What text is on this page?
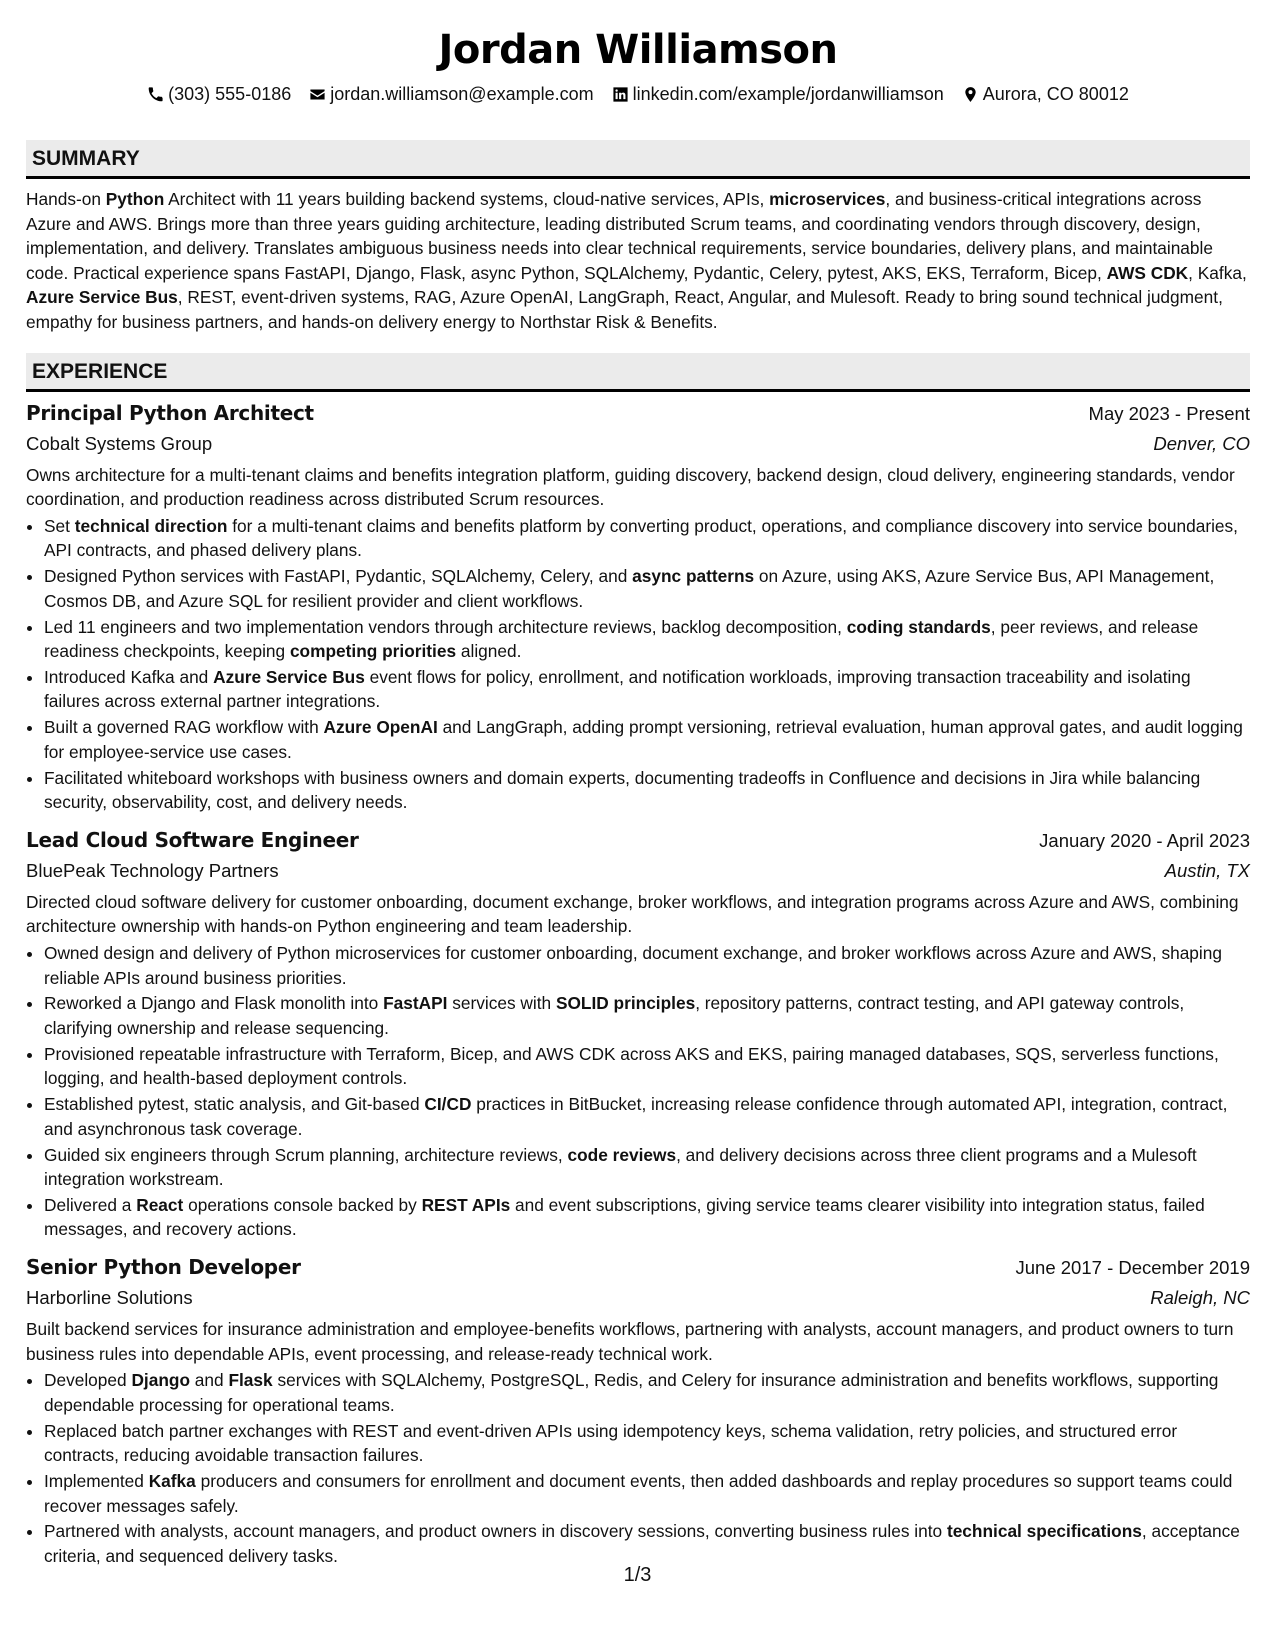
Jordan Williamson
(303) 555-0186 jordan.williamson@example.com linkedin.com/example/jordanwilliamson Aurora, CO 80012
SUMMARY

Hands-on Python Architect with 11 years building backend systems, cloud-native services, APIs, microservices, and business-critical integrations across Azure and AWS. Brings more than three years guiding architecture, leading distributed Scrum teams, and coordinating vendors through discovery, design, implementation, and delivery. Translates ambiguous business needs into clear technical requirements, service boundaries, delivery plans, and maintainable code. Practical experience spans FastAPI, Django, Flask, async Python, SQLAlchemy, Pydantic, Celery, pytest, AKS, EKS, Terraform, Bicep, AWS CDK, Kafka, Azure Service Bus, REST, event-driven systems, RAG, Azure OpenAI, LangGraph, React, Angular, and Mulesoft. Ready to bring sound technical judgment, empathy for business partners, and hands-on delivery energy to Northstar Risk & Benefits.

EXPERIENCE
Principal Python Architect	May 2023 - Present
Cobalt Systems Group	Denver, CO
Owns architecture for a multi-tenant claims and benefits integration platform, guiding discovery, backend design, cloud delivery, engineering standards, vendor coordination, and production readiness across distributed Scrum resources.
• Set technical direction for a multi-tenant claims and benefits platform by converting product, operations, and compliance discovery into service boundaries, API contracts, and phased delivery plans.
• Designed Python services with FastAPI, Pydantic, SQLAlchemy, Celery, and async patterns on Azure, using AKS, Azure Service Bus, API Management, Cosmos DB, and Azure SQL for resilient provider and client workflows.
• Led 11 engineers and two implementation vendors through architecture reviews, backlog decomposition, coding standards, peer reviews, and release readiness checkpoints, keeping competing priorities aligned.
• Introduced Kafka and Azure Service Bus event flows for policy, enrollment, and notification workloads, improving transaction traceability and isolating failures across external partner integrations.
• Built a governed RAG workflow with Azure OpenAI and LangGraph, adding prompt versioning, retrieval evaluation, human approval gates, and audit logging for employee-service use cases.
• Facilitated whiteboard workshops with business owners and domain experts, documenting tradeoffs in Confluence and decisions in Jira while balancing security, observability, cost, and delivery needs.
Lead Cloud Software Engineer	January 2020 - April 2023
BluePeak Technology Partners	Austin, TX
Directed cloud software delivery for customer onboarding, document exchange, broker workflows, and integration programs across Azure and AWS, combining architecture ownership with hands-on Python engineering and team leadership.
• Owned design and delivery of Python microservices for customer onboarding, document exchange, and broker workflows across Azure and AWS, shaping reliable APIs around business priorities.
• Reworked a Django and Flask monolith into FastAPI services with SOLID principles, repository patterns, contract testing, and API gateway controls, clarifying ownership and release sequencing.
• Provisioned repeatable infrastructure with Terraform, Bicep, and AWS CDK across AKS and EKS, pairing managed databases, SQS, serverless functions, logging, and health-based deployment controls.
• Established pytest, static analysis, and Git-based CI/CD practices in BitBucket, increasing release confidence through automated API, integration, contract, and asynchronous task coverage.
• Guided six engineers through Scrum planning, architecture reviews, code reviews, and delivery decisions across three client programs and a Mulesoft integration workstream.
• Delivered a React operations console backed by REST APIs and event subscriptions, giving service teams clearer visibility into integration status, failed messages, and recovery actions.
Senior Python Developer	June 2017 - December 2019
Harborline Solutions	Raleigh, NC
Built backend services for insurance administration and employee-benefits workflows, partnering with analysts, account managers, and product owners to turn business rules into dependable APIs, event processing, and release-ready technical work.
• Developed Django and Flask services with SQLAlchemy, PostgreSQL, Redis, and Celery for insurance administration and benefits workflows, supporting dependable processing for operational teams.
• Replaced batch partner exchanges with REST and event-driven APIs using idempotency keys, schema validation, retry policies, and structured error contracts, reducing avoidable transaction failures.
• Implemented Kafka producers and consumers for enrollment and document events, then added dashboards and replay procedures so support teams could recover messages safely.
• Partnered with analysts, account managers, and product owners in discovery sessions, converting business rules into technical specifications, acceptance criteria, and sequenced delivery tasks.
1/3
